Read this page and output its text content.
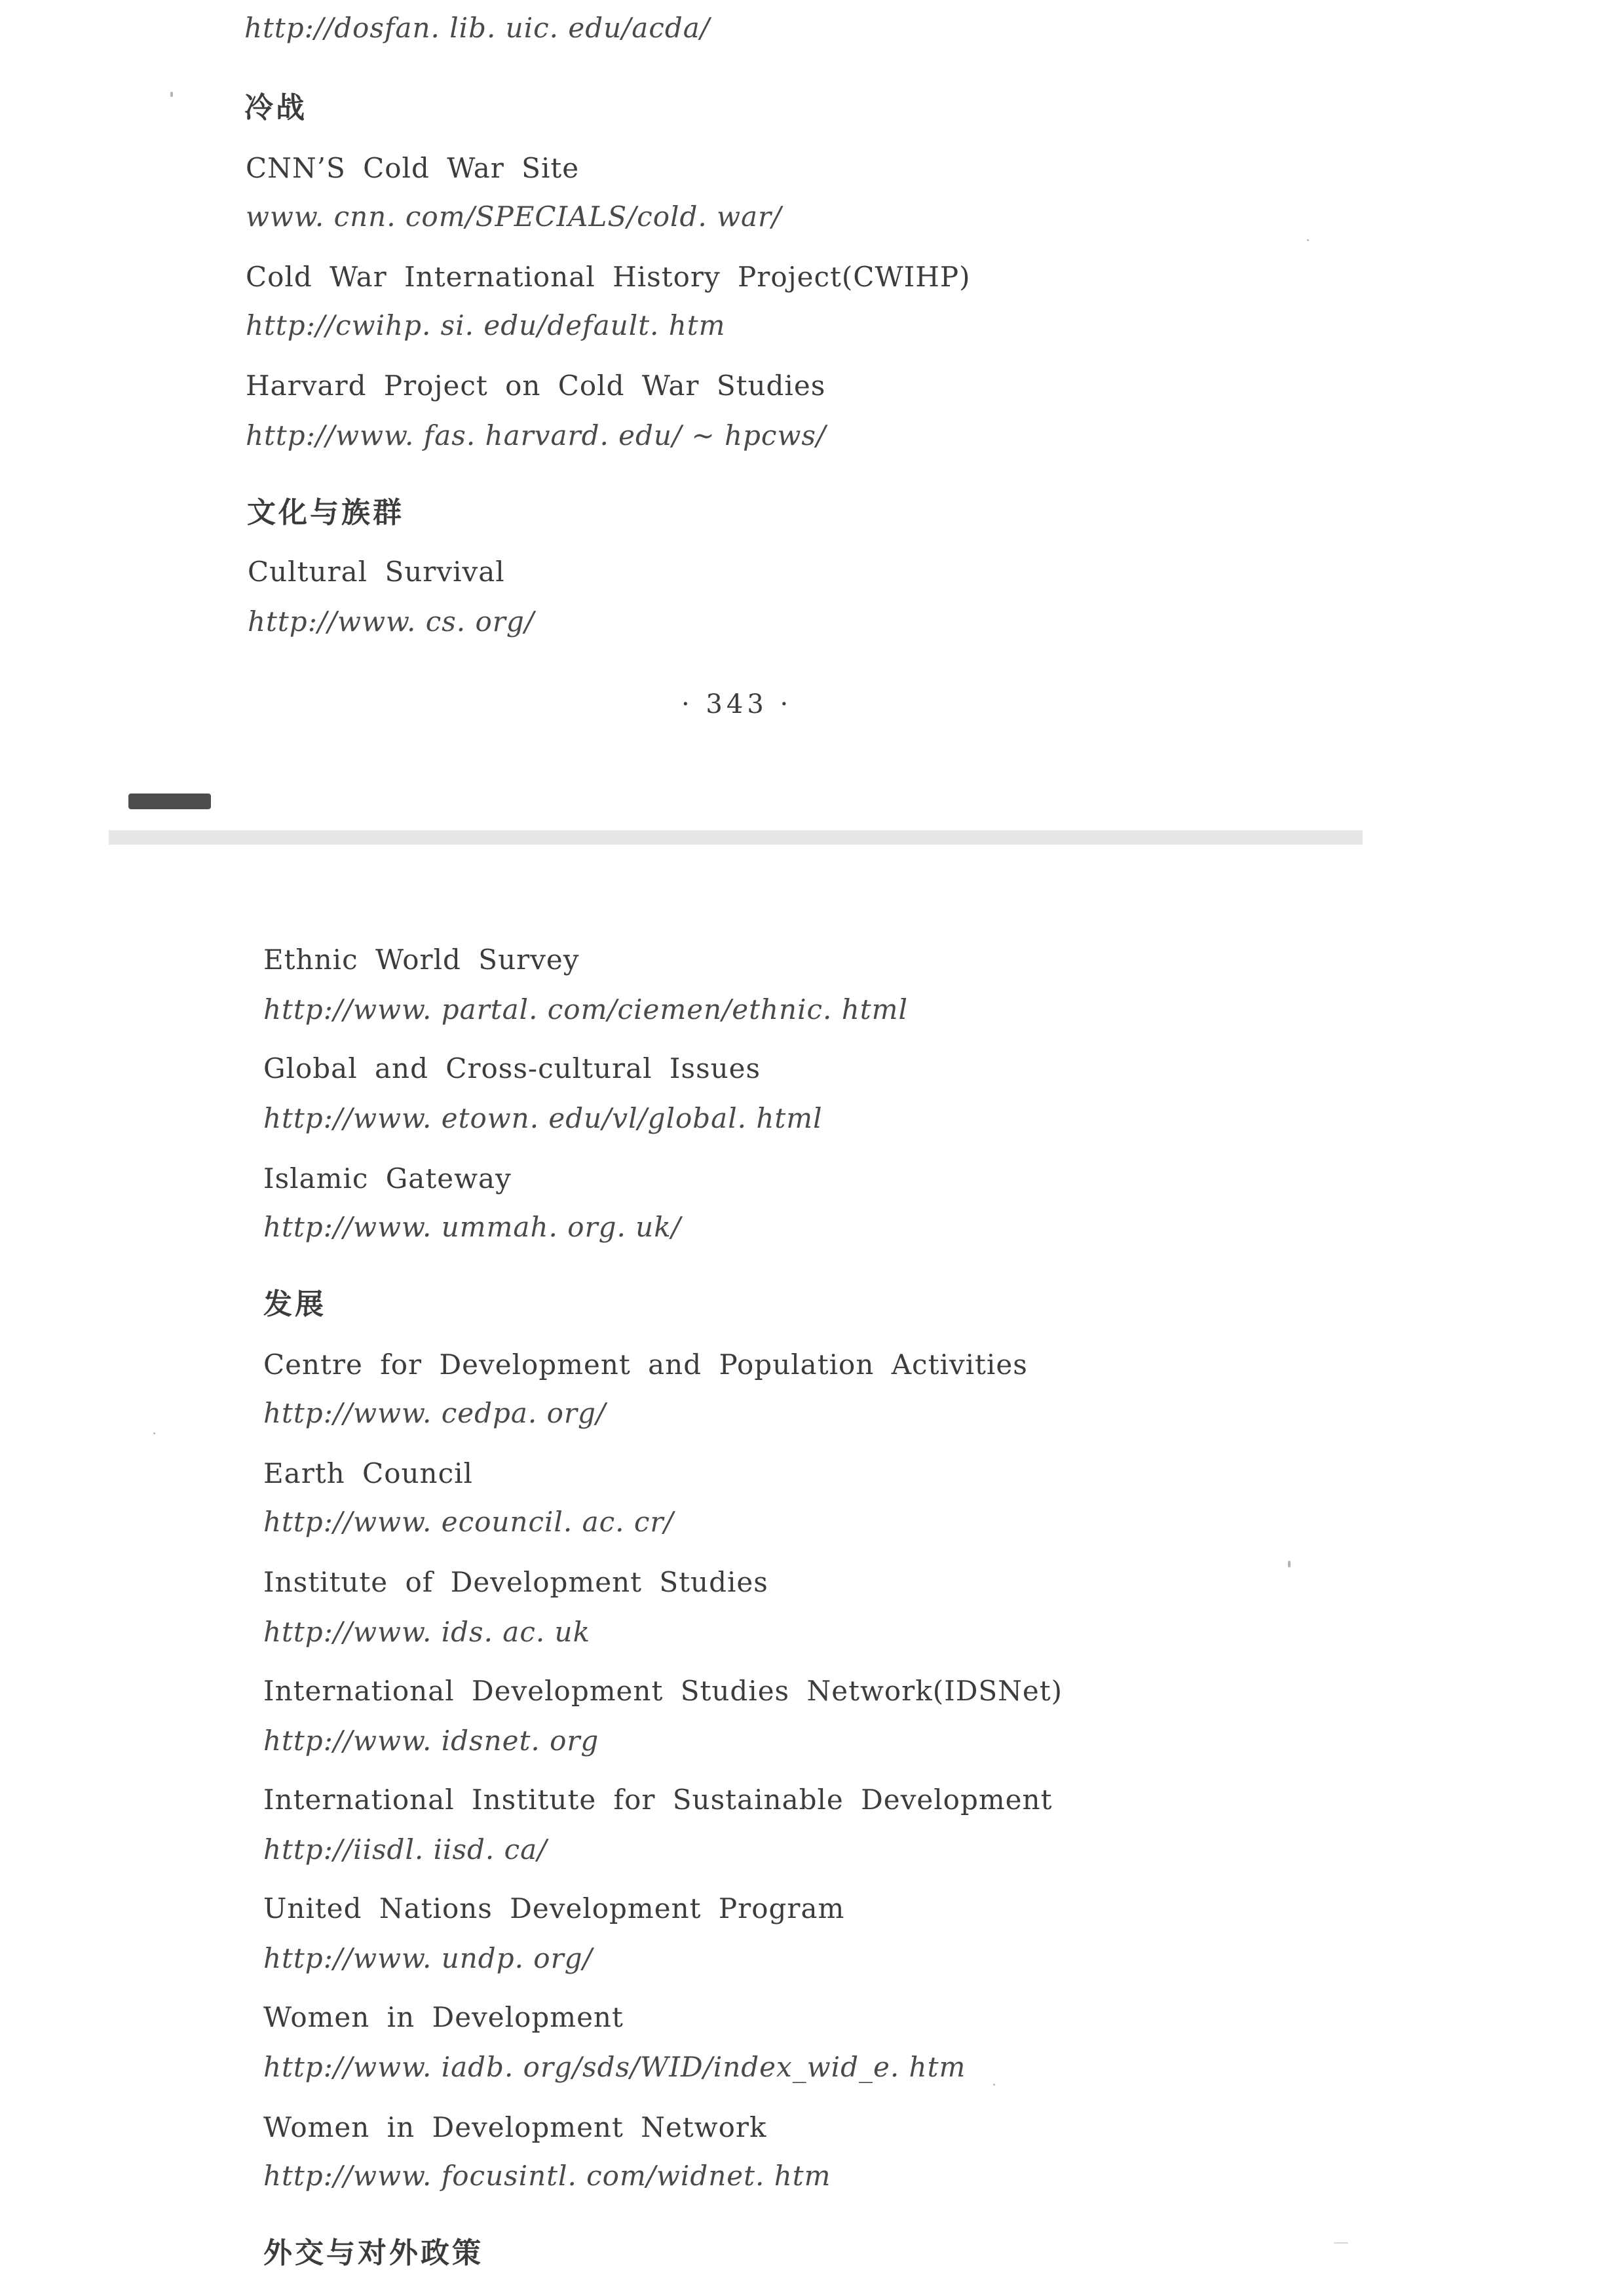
http://dosfan. lib. uic. edu/acda/
冷战
CNN’S Cold War Site
www. cnn. com/SPECIALS/cold. war/
Cold War International History Project(CWIHP)
http://cwihp. si. edu/default. htm
Harvard Project on Cold War Studies
http://www. fas. harvard. edu/ ~ hpcws/
文化与族群
Cultural Survival
http://www. cs. org/
· 343 ·
Ethnic World Survey
http://www. partal. com/ciemen/ethnic. html
Global and Cross-cultural Issues
http://www. etown. edu/vl/global. html
Islamic Gateway
http://www. ummah. org. uk/
发展
Centre for Development and Population Activities
http://www. cedpa. org/
Earth Council
http://www. ecouncil. ac. cr/
Institute of Development Studies
http://www. ids. ac. uk
International Development Studies Network(IDSNet)
http://www. idsnet. org
International Institute for Sustainable Development
http://iisdl. iisd. ca/
United Nations Development Program
http://www. undp. org/
Women in Development
http://www. iadb. org/sds/WID/index_wid_e. htm
Women in Development Network
http://www. focusintl. com/widnet. htm
外交与对外政策
